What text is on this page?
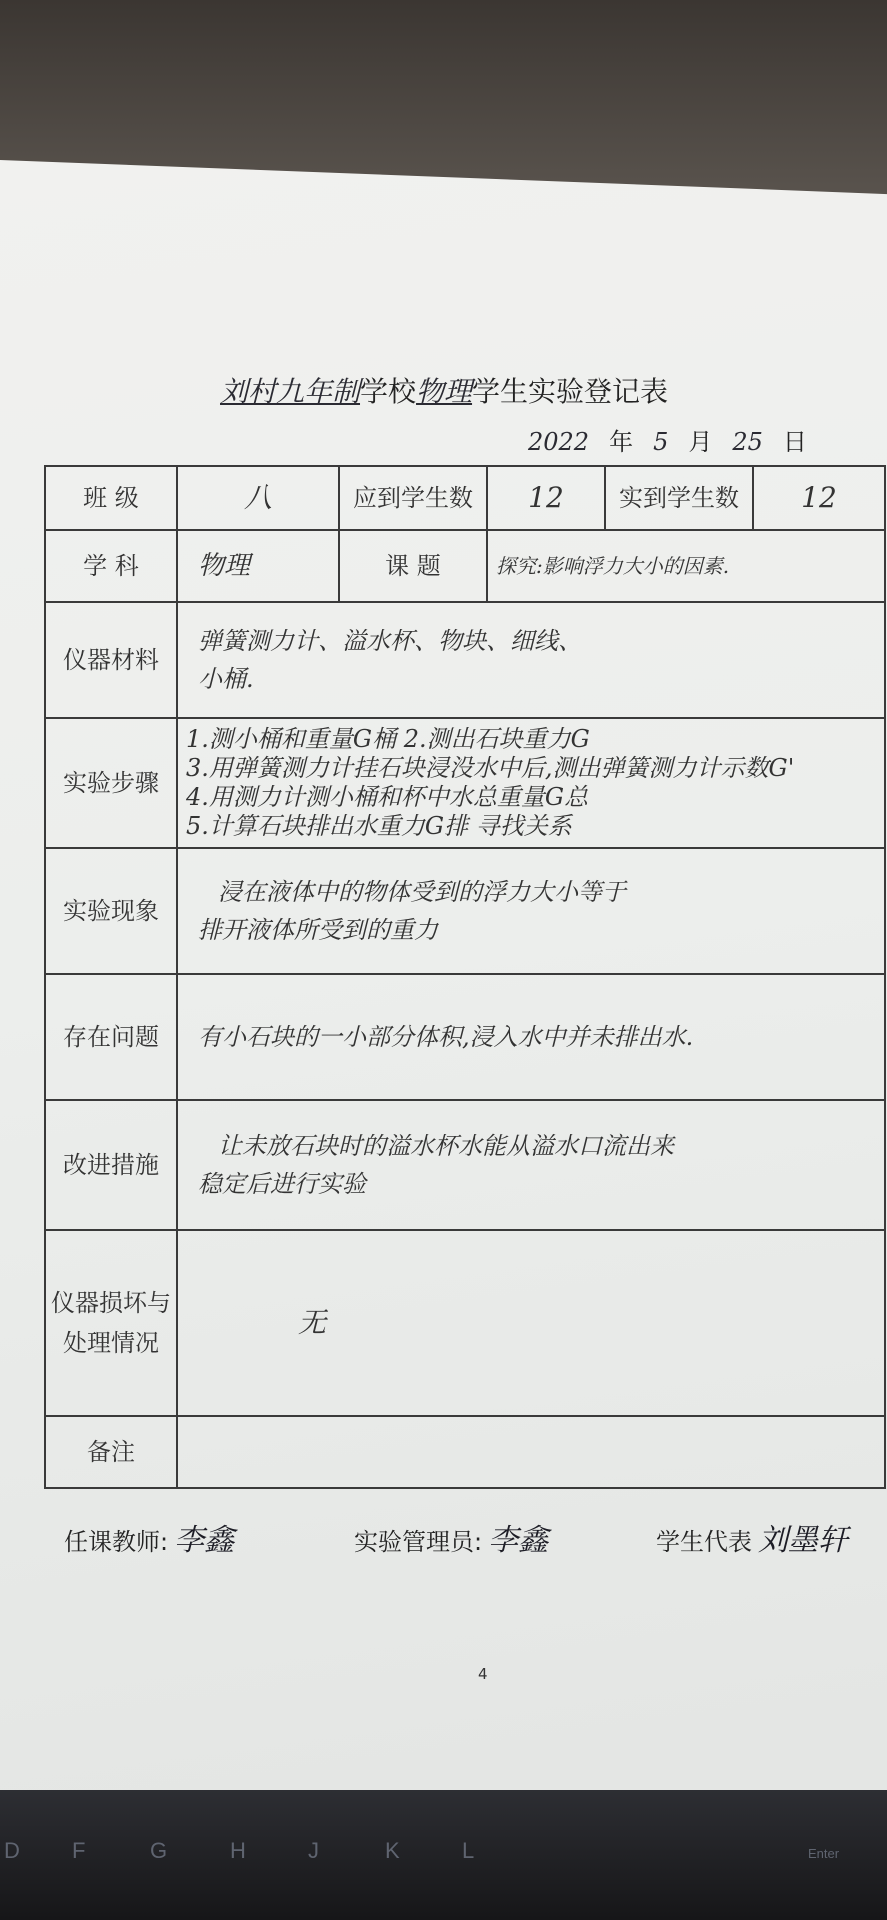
刘村九年制学校物理学生实验登记表
2022 年 5 月 25 日
班 级	八	应到学生数	12	实到学生数	12
学 科	物理	课 题	探究:影响浮力大小的因素.		
仪器材料	弹簧测力计、溢水杯、物块、细线、
小桶.				

实验步骤	1.测小桶和重量G桶 2.测出石块重力G
3.用弹簧测力计挂石块浸没水中后,测出弹簧测力计示数G'
4.用测力计测小桶和杯中水总重量G总
5.计算石块排出水重力G排 寻找关系				

实验现象	浸在液体中的物体受到的浮力大小等于
排开液体所受到的重力				

存在问题	有小石块的一小部分体积,浸入水中并未排出水.				

改进措施	让未放石块时的溢水杯水能从溢水口流出来
稳定后进行实验				

仪器损坏与处理情况	无				
备注					
任课教师: 李鑫	实验管理员: 李鑫	学生代表 刘墨轩
4
D F	G	H	J	K	L	Enter
